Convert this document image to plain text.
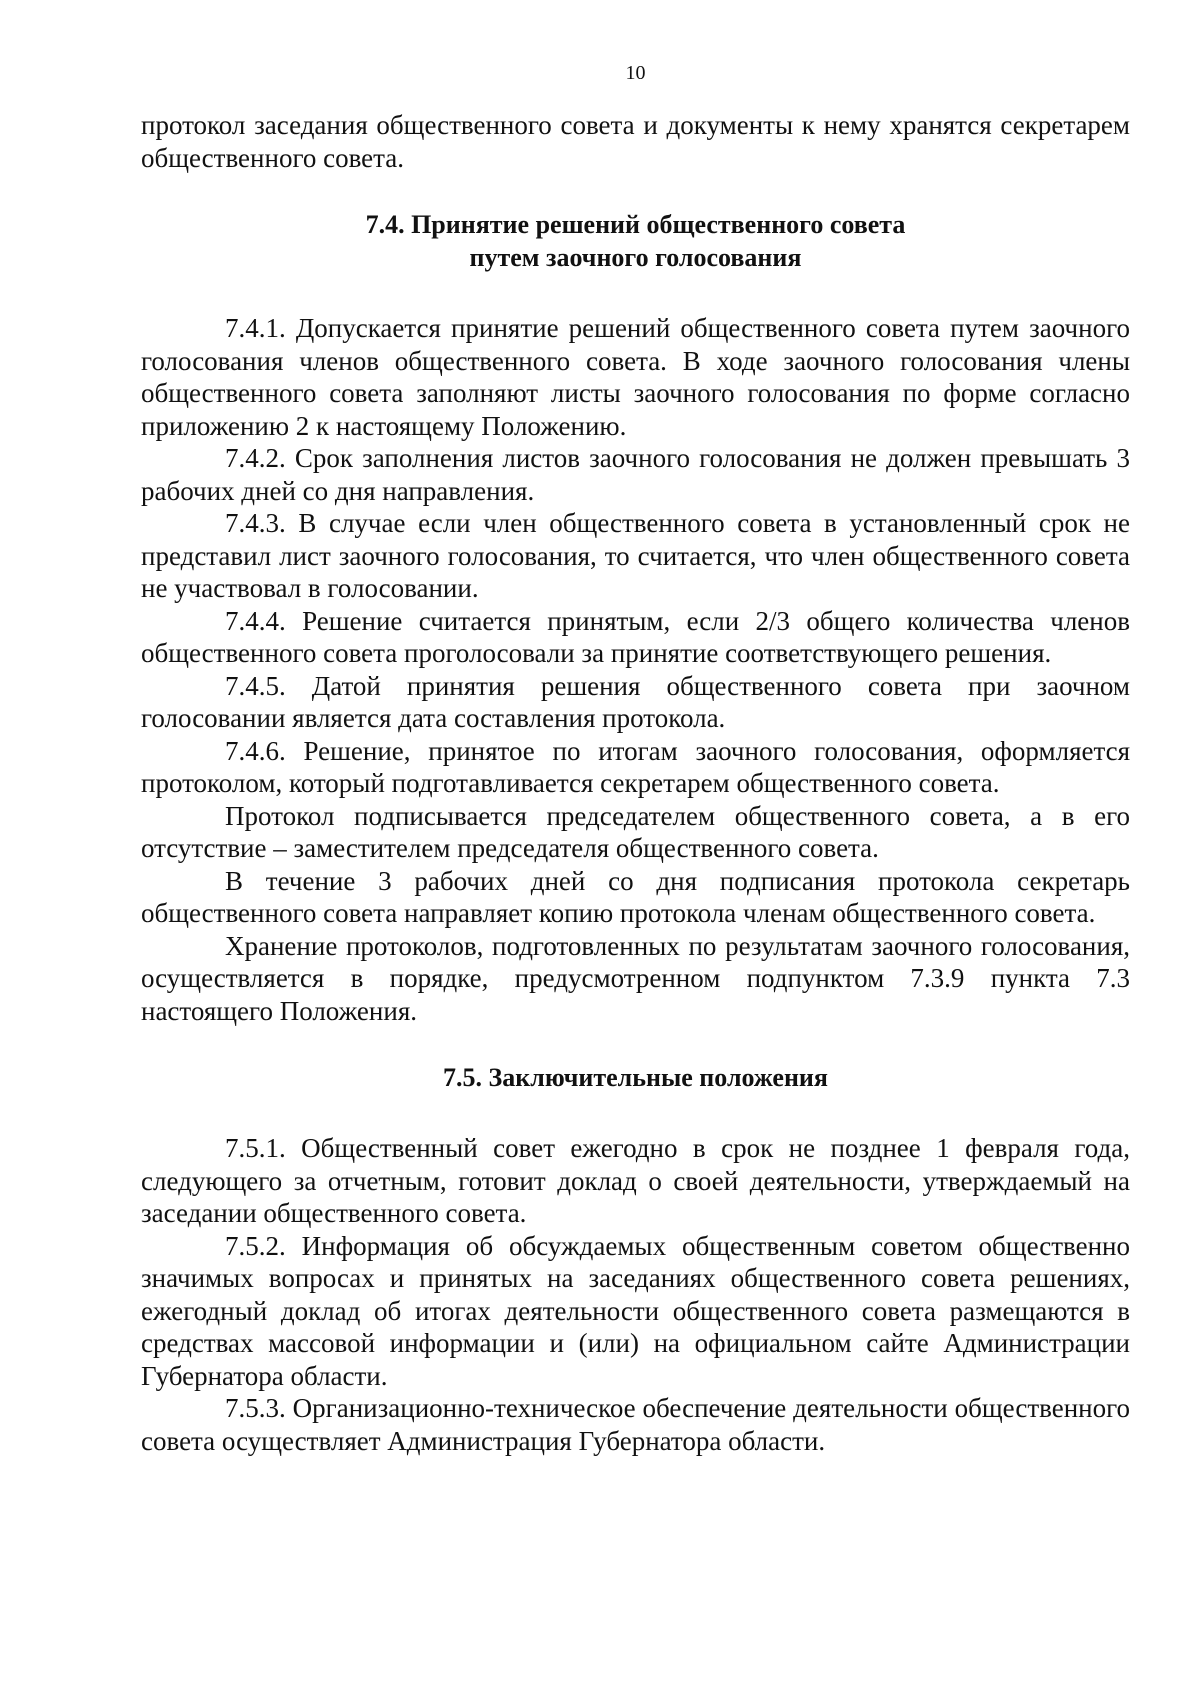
10

протокол заседания общественного совета и документы к нему хранятся секретарем общественного совета.

7.4. Принятие решений общественного совета

путем заочного голосования

7.4.1. Допускается принятие решений общественного совета путем заочного голосования членов общественного совета. В ходе заочного голосования члены общественного совета заполняют листы заочного голосования по форме согласно приложению 2 к настоящему Положению.

7.4.2. Срок заполнения листов заочного голосования не должен превышать 3 рабочих дней со дня направления.

7.4.3. В случае если член общественного совета в установленный срок не представил лист заочного голосования, то считается, что член общественного совета не участвовал в голосовании.

7.4.4. Решение считается принятым, если 2/3 общего количества членов общественного совета проголосовали за принятие соответствующего решения.

7.4.5. Датой принятия решения общественного совета при заочном голосовании является дата составления протокола.

7.4.6. Решение, принятое по итогам заочного голосования, оформляется протоколом, который подготавливается секретарем общественного совета.

Протокол подписывается председателем общественного совета, а в его отсутствие – заместителем председателя общественного совета.

В течение 3 рабочих дней со дня подписания протокола секретарь общественного совета направляет копию протокола членам общественного совета.

Хранение протоколов, подготовленных по результатам заочного голосования, осуществляется в порядке, предусмотренном подпунктом 7.3.9 пункта 7.3 настоящего Положения.

7.5. Заключительные положения

7.5.1. Общественный совет ежегодно в срок не позднее 1 февраля года, следующего за отчетным, готовит доклад о своей деятельности, утверждаемый на заседании общественного совета.

7.5.2. Информация об обсуждаемых общественным советом общественно значимых вопросах и принятых на заседаниях общественного совета решениях, ежегодный доклад об итогах деятельности общественного совета размещаются в средствах массовой информации и (или) на официальном сайте Администрации Губернатора области.

7.5.3. Организационно-техническое обеспечение деятельности общественного совета осуществляет Администрация Губернатора области.
